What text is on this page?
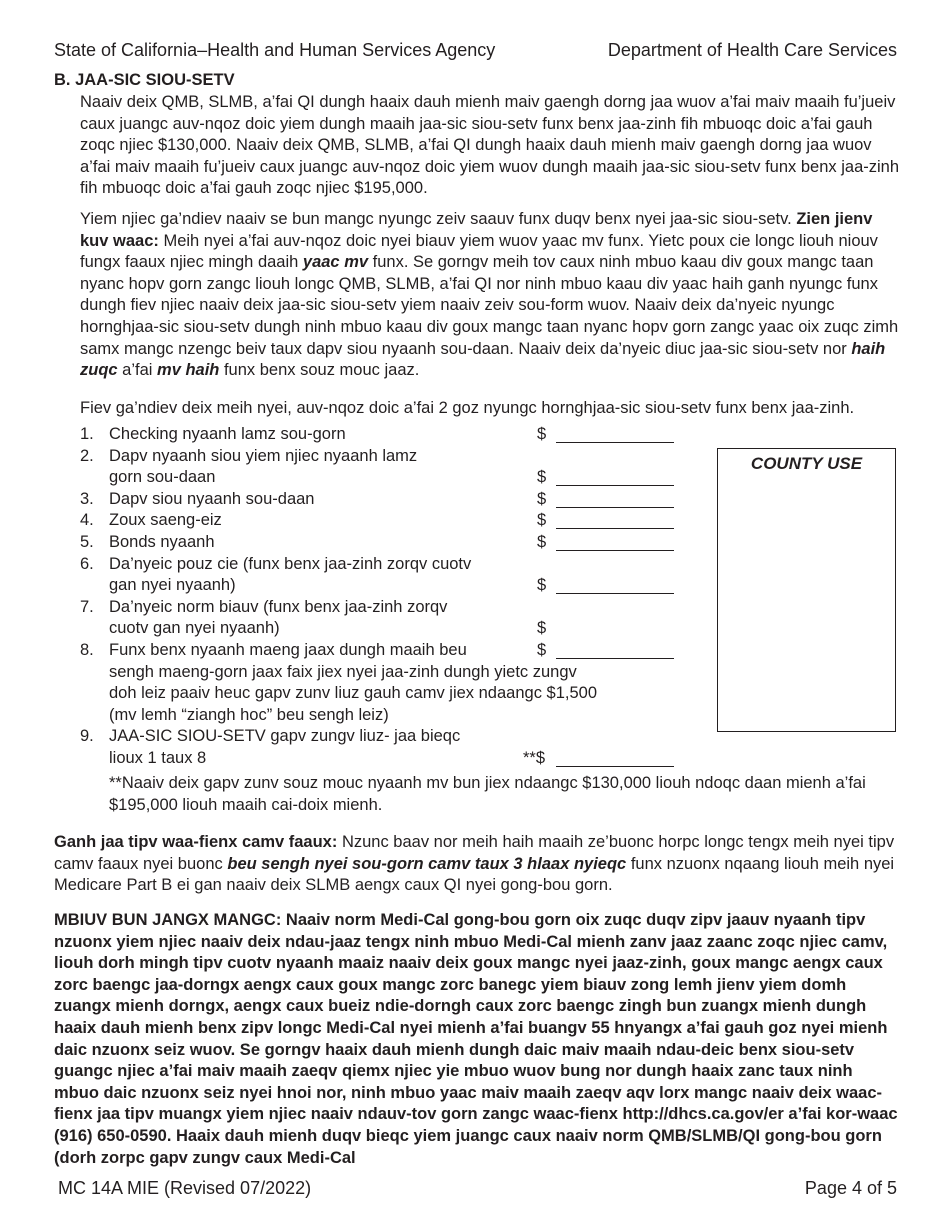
State of California–Health and Human Services Agency	Department of Health Care Services
B. JAA-SIC SIOU-SETV

Naaiv deix QMB, SLMB, a’fai QI dungh haaix dauh mienh maiv gaengh dorng jaa wuov a’fai maiv maaih fu’jueiv caux juangc auv-nqoz doic yiem dungh maaih jaa-sic siou-setv funx benx jaa-zinh fih mbuoqc doic a’fai gauh zoqc njiec $130,000. Naaiv deix QMB, SLMB, a’fai QI dungh haaix dauh mienh maiv gaengh dorng jaa wuov a’fai maiv maaih fu’jueiv caux juangc auv-nqoz doic yiem wuov dungh maaih jaa-sic siou-setv funx benx jaa-zinh fih mbuoqc doic a’fai gauh zoqc njiec $195,000.

Yiem njiec ga’ndiev naaiv se bun mangc nyungc zeiv saauv funx duqv benx nyei jaa-sic siou-setv. Zien jienv kuv waac: Meih nyei a’fai auv-nqoz doic nyei biauv yiem wuov yaac mv funx. Yietc poux cie longc liouh niouv fungx faaux njiec mingh daaih yaac mv funx. Se gorngv meih tov caux ninh mbuo kaau div goux mangc taan nyanc hopv gorn zangc liouh longc QMB, SLMB, a’fai QI nor ninh mbuo kaau div yaac haih ganh nyungc funx dungh fiev njiec naaiv deix jaa-sic siou-setv yiem naaiv zeiv sou-form wuov. Naaiv deix da’nyeic nyungc hornghjaa-sic siou-setv dungh ninh mbuo kaau div goux mangc taan nyanc hopv gorn zangc yaac oix zuqc zimh samx mangc nzengc beiv taux dapv siou nyaanh sou-daan. Naaiv deix da’nyeic diuc jaa-sic siou-setv nor haih zuqc a’fai mv haih funx benx souz mouc jaaz.

Fiev ga’ndiev deix meih nyei, auv-nqoz doic a’fai 2 goz nyungc hornghjaa-sic siou-setv funx benx jaa-zinh.

1. Checking nyaanh lamz sou-gorn	$
2. Dapv nyaanh siou yiem njiec nyaanh lamz
gorn sou-daan	$
3. Dapv siou nyaanh sou-daan	$
4. Zoux saeng-eiz	$
5. Bonds nyaanh	$
6. Da’nyeic pouz cie (funx benx jaa-zinh zorqv cuotv
gan nyei nyaanh)	$
7. Da’nyeic norm biauv (funx benx jaa-zinh zorqv
cuotv gan nyei nyaanh)	$
8. Funx benx nyaanh maeng jaax dungh maaih beu
sengh maeng-gorn jaax faix jiex nyei jaa-zinh dungh yietc zungv
doh leiz paaiv heuc gapv zunv liuz gauh camv jiex ndaangc $1,500
(mv lemh “ziangh hoc” beu sengh leiz)
$
9. JAA-SIC SIOU-SETV gapv zungv liuz- jaa bieqc
lioux 1 taux 8	**$

**Naaiv deix gapv zunv souz mouc nyaanh mv bun jiex ndaangc $130,000 liouh ndoqc daan mienh a’fai $195,000 liouh maaih cai-doix mienh.

COUNTY USE

Ganh jaa tipv waa-fienx camv faaux: Nzunc baav nor meih haih maaih ze’buonc horpc longc tengx meih nyei tipv camv faaux nyei buonc beu sengh nyei sou-gorn camv taux 3 hlaax nyieqc funx nzuonx nqaang liouh meih nyei Medicare Part B ei gan naaiv deix SLMB aengx caux QI nyei gong-bou gorn.

MBIUV BUN JANGX MANGC: Naaiv norm Medi-Cal gong-bou gorn oix zuqc duqv zipv jaauv nyaanh tipv nzuonx yiem njiec naaiv deix ndau-jaaz tengx ninh mbuo Medi-Cal mienh zanv jaaz zaanc zoqc njiec camv, liouh dorh mingh tipv cuotv nyaanh maaiz naaiv deix goux mangc nyei jaaz-zinh, goux mangc aengx caux zorc baengc jaa-dorngx aengx caux goux mangc zorc banegc yiem biauv zong lemh jienv yiem domh zuangx mienh dorngx, aengx caux bueiz ndie-dorngh caux zorc baengc zingh bun zuangx mienh dungh haaix dauh mienh benx zipv longc Medi-Cal nyei mienh a’fai buangv 55 hnyangx a’fai gauh goz nyei mienh daic nzuonx seiz wuov. Se gorngv haaix dauh mienh dungh daic maiv maaih ndau-deic benx siou-setv guangc njiec a’fai maiv maaih zaeqv qiemx njiec yie mbuo wuov bung nor dungh haaix zanc taux ninh mbuo daic nzuonx seiz nyei hnoi nor, ninh mbuo yaac maiv maaih zaeqv aqv lorx mangc naaiv deix waac-fienx jaa tipv muangx yiem njiec naaiv ndauv-tov gorn zangc waac-fienx http://dhcs.ca.gov/er a’fai kor-waac (916) 650-0590. Haaix dauh mienh duqv bieqc yiem juangc caux naaiv norm QMB/SLMB/QI gong-bou gorn (dorh zorpc gapv zungv caux Medi-Cal

MC 14A MIE (Revised 07/2022)	Page 4 of 5
